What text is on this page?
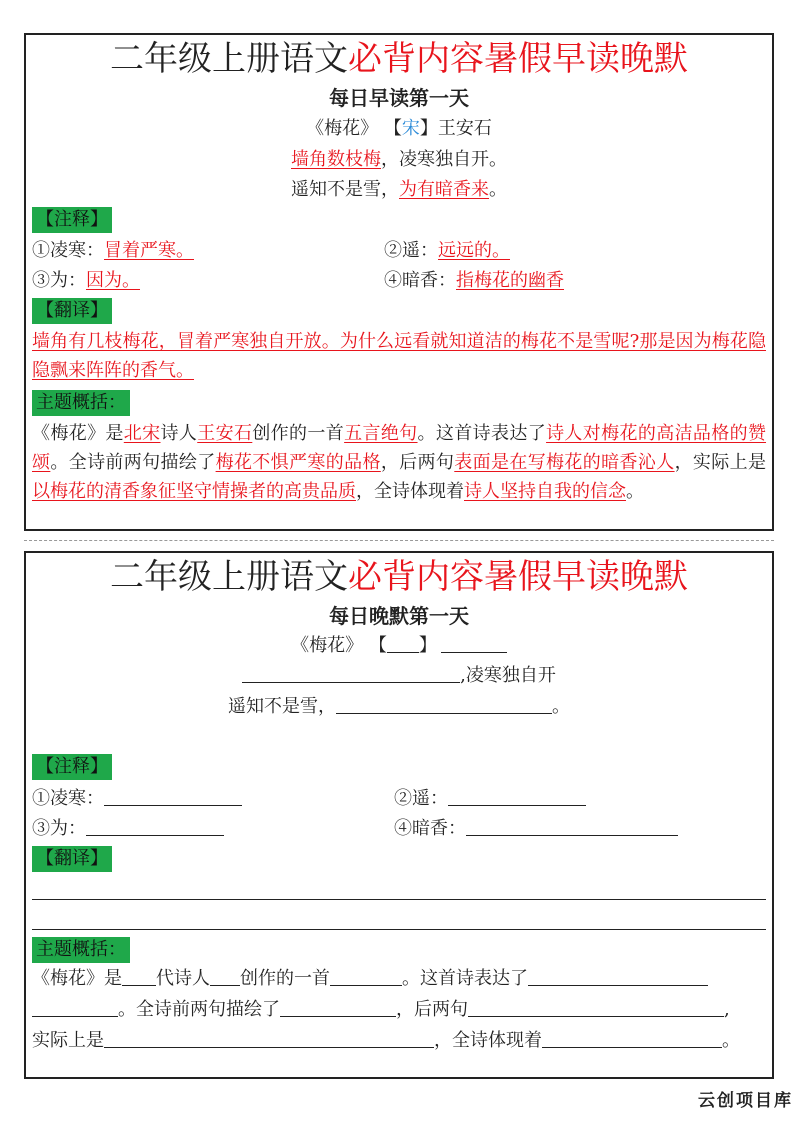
二年级上册语文必背内容暑假早读晚默
每日早读第一天
《梅花》 【宋】王安石
墙角数枝梅，凌寒独自开。
遥知不是雪，为有暗香来。
【注释】
①凌寒：冒着严寒。	②遥：远远的。
③为：因为。	④暗香：指梅花的幽香
【翻译】
墙角有几枝梅花，冒着严寒独自开放。为什么远看就知道洁的梅花不是雪呢?那是因为梅花隐隐飘来阵阵的香气。
主题概括：
《梅花》是北宋诗人王安石创作的一首五言绝句。这首诗表达了诗人对梅花的高洁品格的赞颂。全诗前两句描绘了梅花不惧严寒的品格，后两句表面是在写梅花的暗香沁人，实际上是以梅花的清香象征坚守情操者的高贵品质，全诗体现着诗人坚持自我的信念。
二年级上册语文必背内容暑假早读晚默
每日晚默第一天
《梅花》 【 】
,凌寒独自开
遥知不是雪，	。
【注释】
①凌寒：	②遥：
③为：	④暗香：
【翻译】
主题概括：
《梅花》是 代诗人 创作的一首	。这首诗表达了
。全诗前两句描绘了	，后两句	,
实际上是	，全诗体现着	。
云创项目库
